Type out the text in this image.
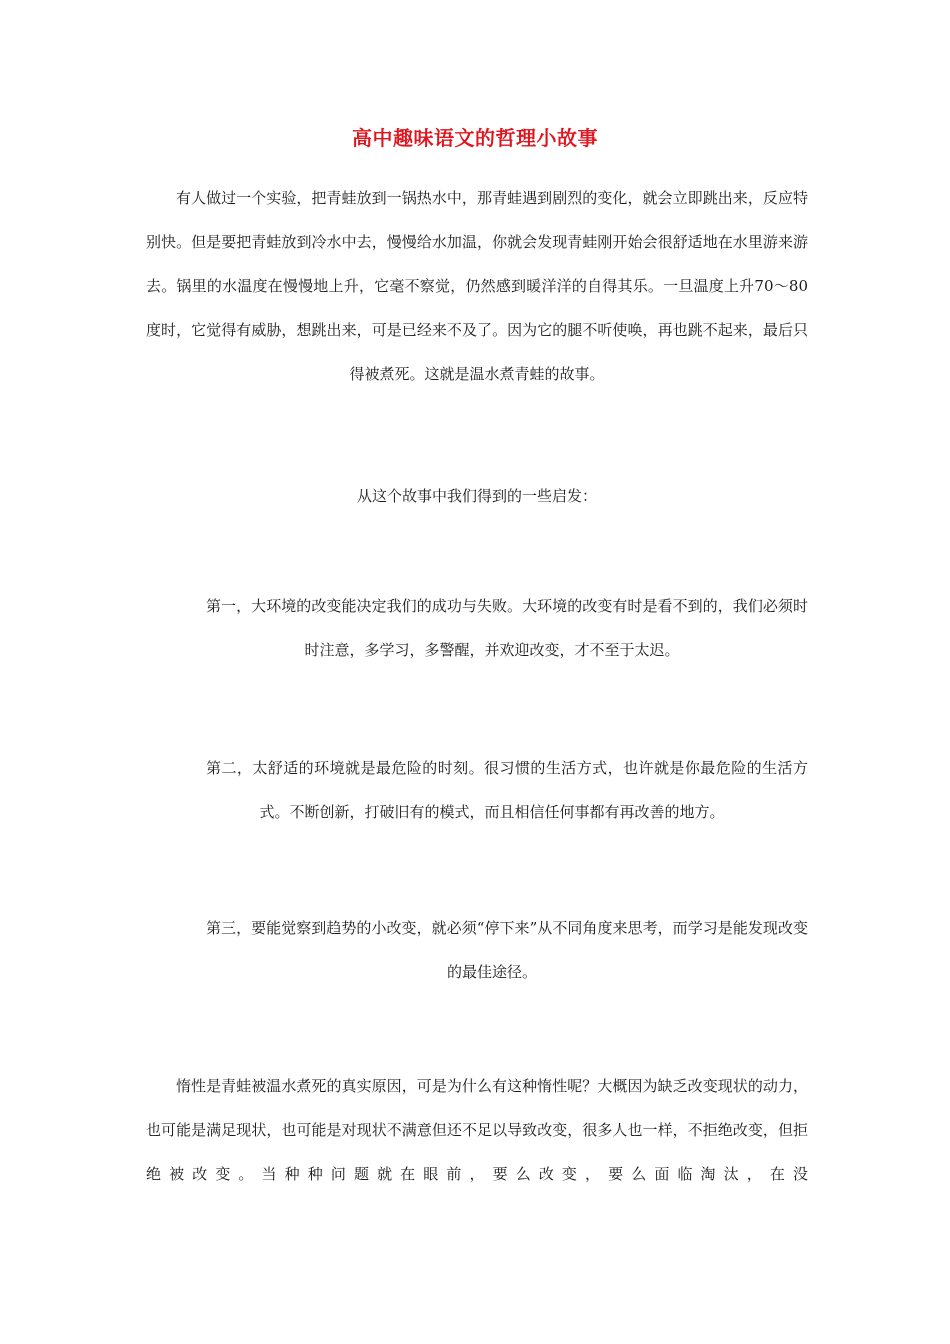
高中趣味语文的哲理小故事

有人做过一个实验，把青蛙放到一锅热水中，那青蛙遇到剧烈的变化，就会立即跳出来，反应特别快。但是要把青蛙放到冷水中去，慢慢给水加温，你就会发现青蛙刚开始会很舒适地在水里游来游去。锅里的水温度在慢慢地上升，它毫不察觉，仍然感到暖洋洋的自得其乐。一旦温度上升70～80度时，它觉得有威胁，想跳出来，可是已经来不及了。因为它的腿不听使唤，再也跳不起来，最后只得被煮死。这就是温水煮青蛙的故事。

从这个故事中我们得到的一些启发：

第一，大环境的改变能决定我们的成功与失败。大环境的改变有时是看不到的，我们必须时时注意，多学习，多警醒，并欢迎改变，才不至于太迟。

第二，太舒适的环境就是最危险的时刻。很习惯的生活方式，也许就是你最危险的生活方式。不断创新，打破旧有的模式，而且相信任何事都有再改善的地方。

第三，要能觉察到趋势的小改变，就必须“停下来”从不同角度来思考，而学习是能发现改变的最佳途径。

惰性是青蛙被温水煮死的真实原因，可是为什么有这种惰性呢？大概因为缺乏改变现状的动力，也可能是满足现状，也可能是对现状不满意但还不足以导致改变，很多人也一样，不拒绝改变，但拒绝被改变。当种种问题就在眼前，要么改变，要么面临淘汰，在没
